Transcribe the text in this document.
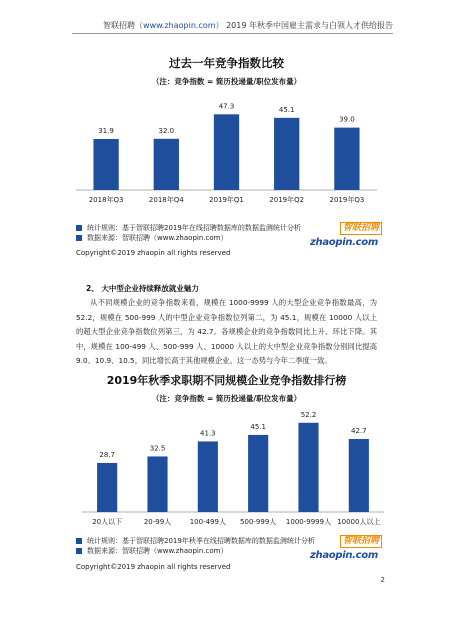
智联招聘（www.zhaopin.com） 2019 年秋季中国雇主需求与白领人才供给报告
过去一年竞争指数比较
（注：竞争指数 = 简历投递量/职位发布量）
31.9
2018年Q3
32.0
2018年Q4
47.3
2019年Q1
45.1
2019年Q2
39.0
2019年Q3
统计规则：基于智联招聘2019年在线招聘数据库的数据监测统计分析
数据来源：智联招聘（www.zhaopin.com）
智联招聘
zhaopin.com
Copyright©2019 zhaopin all rights reserved
2、 大中型企业持续释放就业魅力
从不同规模企业的竞争指数来看，规模在 1000-9999 人的大型企业竞争指数最高，为 52.2，规模在 500-999 人的中型企业竞争指数位列第二，为 45.1，规模在 10000 人以上的超大型企业竞争指数位列第三，为 42.7。各规模企业的竞争指数同比上升、环比下降。其中，规模在 100-499 人、500-999 人、10000 人以上的大中型企业竞争指数分别同比提高 9.0、10.9、10.5，同比增长高于其他规模企业。这一态势与今年二季度一致。
2019年秋季求职期不同规模企业竞争指数排行榜
（注：竞争指数 = 简历投递量/职位发布量）
28.7
20人以下
32.5
20-99人
41.3
100-499人
45.1
500-999人
52.2
1000-9999人
42.7
10000人以上
统计规则：基于智联招聘2019年秋季在线招聘数据库的数据监测统计分析
数据来源：智联招聘（www.zhaopin.com）
智联招聘
zhaopin.com
Copyright©2019 zhaopin all rights reserved
2
